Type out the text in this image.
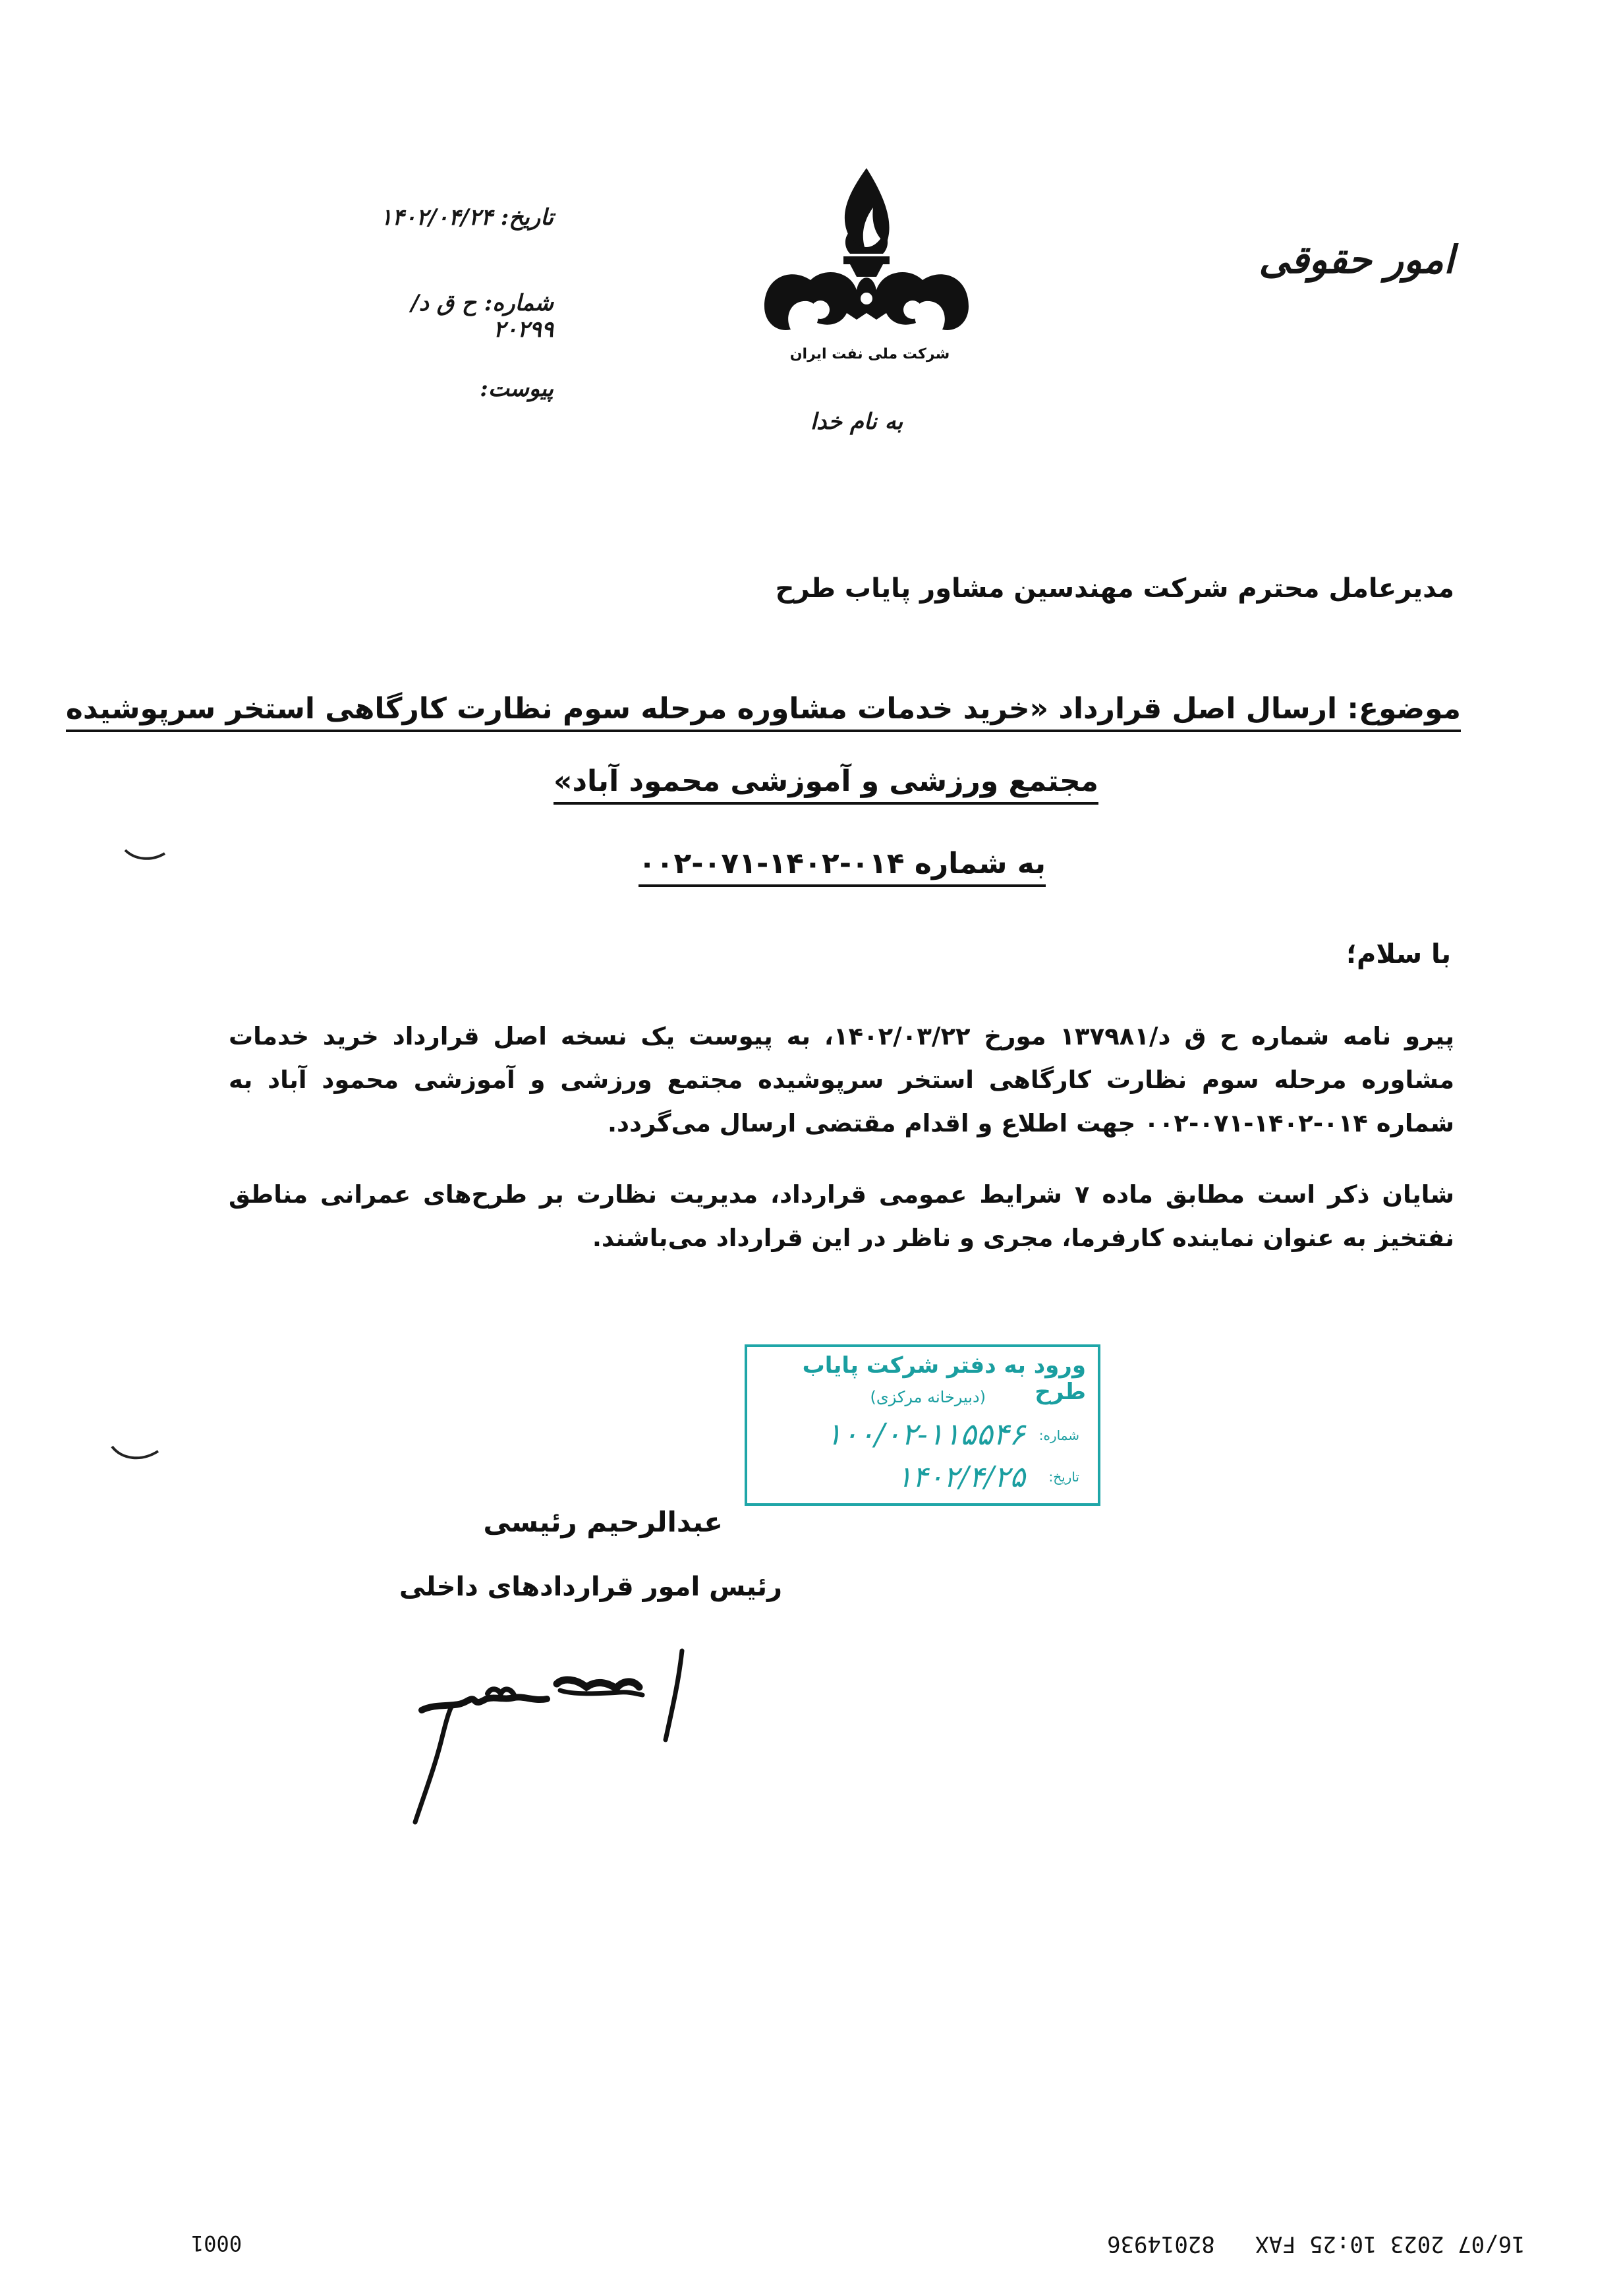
امور حقوقی
تاریخ: ۱۴۰۲/۰۴/۲۴
شماره: ح ق د/ ۲۰۲۹۹
پیوست:
شرکت ملی نفت ایران
به نام خدا
مدیرعامل محترم شرکت مهندسین مشاور پایاب طرح
موضوع: ارسال اصل قرارداد «خرید خدمات مشاوره مرحله سوم نظارت کارگاهی استخر سرپوشیده
مجتمع ورزشی و آموزشی محمود آباد»
به شماره ۰۱۴-۱۴۰۲-۰۷۱-۰۰۲
با سلام؛
پیرو نامه شماره ح ق د/۱۳۷۹۸۱ مورخ ۱۴۰۲/۰۳/۲۲، به پیوست یک نسخه اصل قرارداد خرید خدمات مشاوره مرحله سوم نظارت کارگاهی استخر سرپوشیده مجتمع ورزشی و آموزشی محمود آباد به شماره ۰۱۴-۱۴۰۲-۰۷۱-۰۰۲ جهت اطلاع و اقدام مقتضی ارسال می‌گردد.
شایان ذکر است مطابق ماده ۷ شرایط عمومی قرارداد، مدیریت نظارت بر طرح‌های عمرانی مناطق نفتخیز به عنوان نماینده کارفرما، مجری و ناظر در این قرارداد می‌باشند.
ورود به دفتر شرکت پایاب طرح
(دبیرخانه مرکزی)
شماره:
۱۰۰/۰۲-۱۱۵۵۴۶
تاریخ:
۱۴۰۲/۴/۲۵
عبدالرحیم رئیسی
رئیس امور قراردادهای داخلی
0001	16/07 2023 10:25 FAX   82014936
